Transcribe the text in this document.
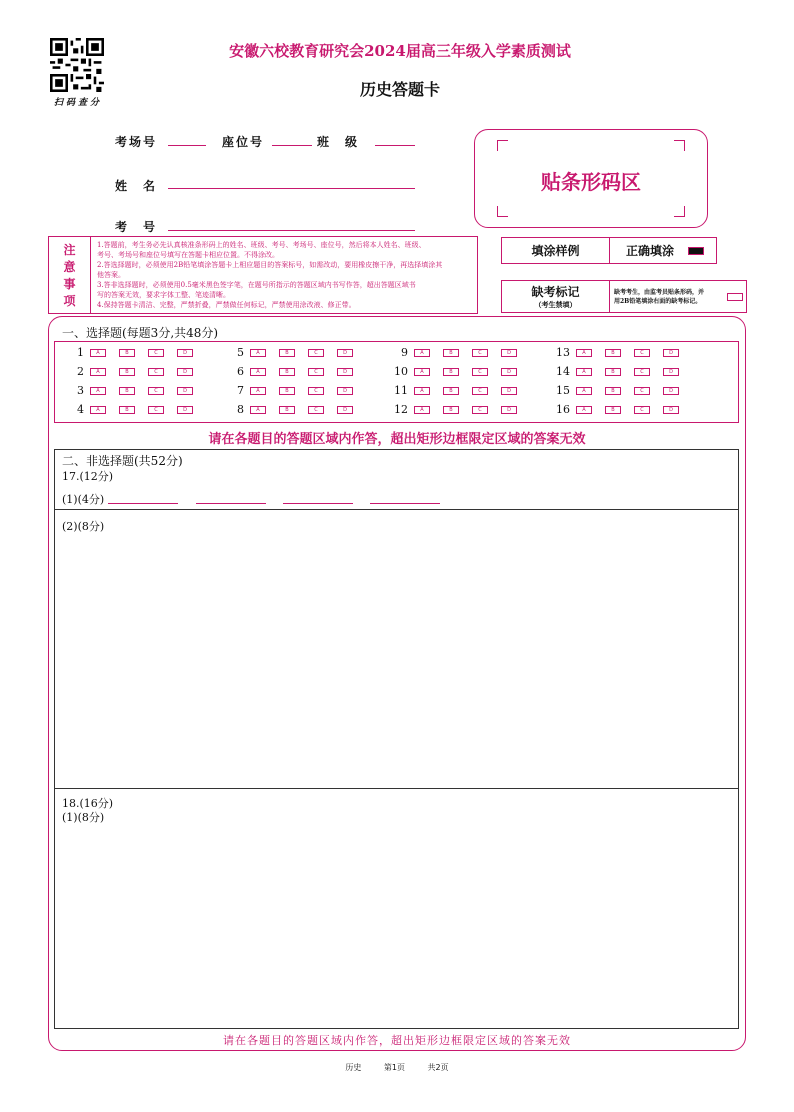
扫码查分
安徽六校教育研究会2024届高三年级入学素质测试
历史答题卡
考场号	座位号	班　级
姓　名
考　号
贴条形码区
注
意
事
项
1.答题前，考生务必先认真核准条形码上的姓名、班级、考号、考场号、座位号，然后将本人姓名、班级、
考号、考场号和座位号填写在答题卡相应位置。不得涂改。
2.答选择题时，必须使用2B铅笔填涂答题卡上相应题目的答案标号，如需改动，要用橡皮擦干净，再选择填涂其
他答案。
3.答非选择题时，必须使用0.5毫米黑色签字笔，在题号所指示的答题区域内书写作答，超出答题区域书
写的答案无效，要求字体工整、笔迹清晰。
4.保持答题卡清洁、完整，严禁折叠，严禁做任何标记，严禁使用涂改液、修正带。
填涂样例	正确填涂
缺考标记
（考生禁填）
缺考考生，由监考员贴条形码，并
用2B铅笔填涂右面的缺考标记。
一、选择题(每题3分,共48分)
1	A	B	C	D
2	A	B	C	D
3	A	B	C	D
4	A	B	C	D
5	A	B	C	D
6	A	B	C	D
7	A	B	C	D
8	A	B	C	D
9	A	B	C	D
10	A	B	C	D
11	A	B	C	D
12	A	B	C	D
13	A	B	C	D
14	A	B	C	D
15	A	B	C	D
16	A	B	C	D
请在各题目的答题区域内作答，超出矩形边框限定区域的答案无效
二、非选择题(共52分)
17.(12分)
(1)(4分)
(2)(8分)
18.(16分)
(1)(8分)
请在各题目的答题区域内作答，超出矩形边框限定区域的答案无效
历史	第1页	共2页
